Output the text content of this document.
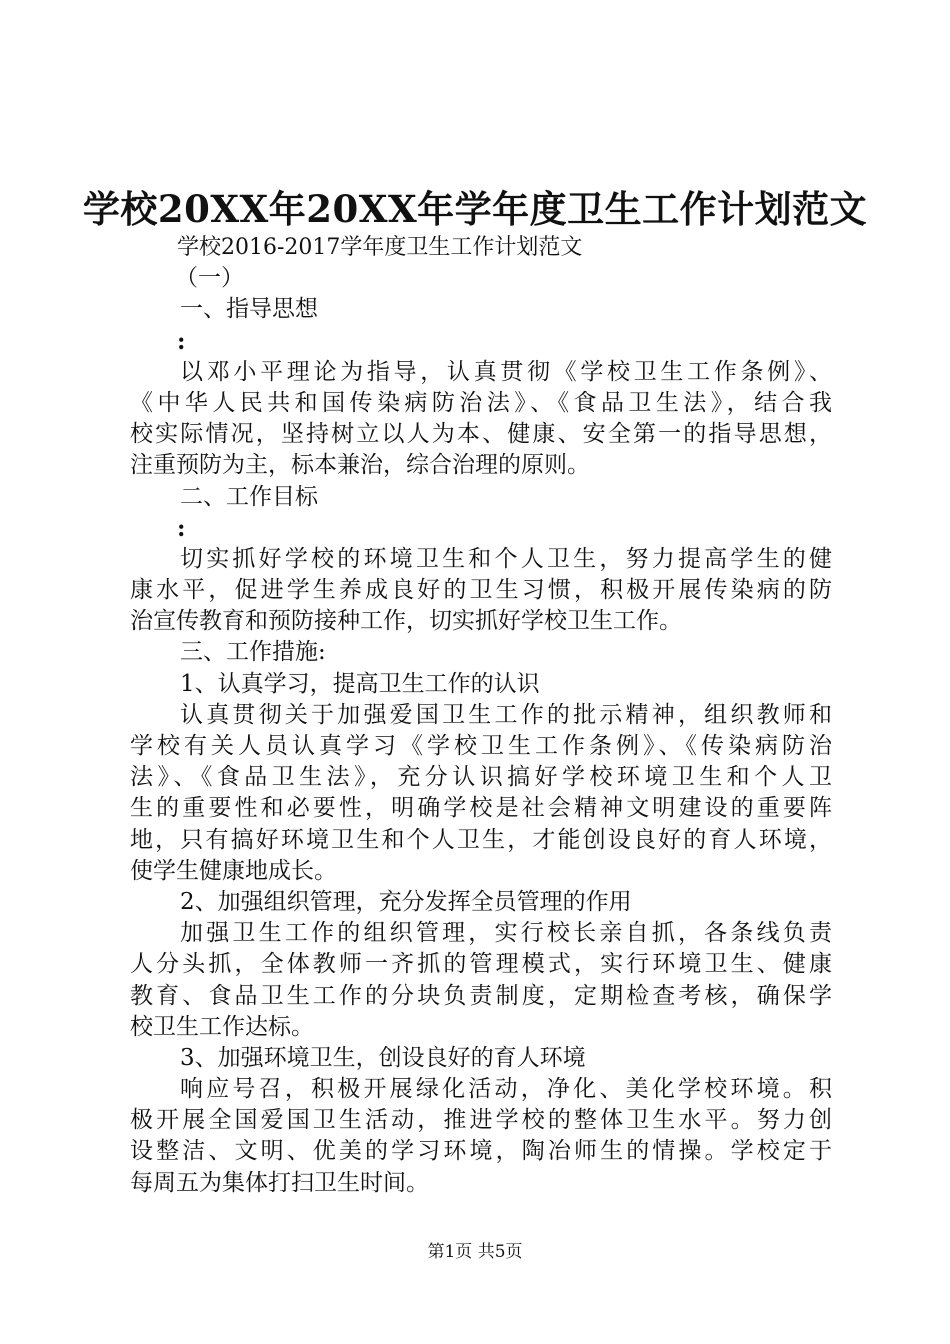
学校20XX年20XX年学年度卫生工作计划范文
学校2016-2017学年度卫生工作计划范文
（一）
一、指导思想
:
以邓小平理论为指导，认真贯彻《学校卫生工作条例》、
《中华人民共和国传染病防治法》、《食品卫生法》，结合我
校实际情况，坚持树立以人为本、健康、安全第一的指导思想，
注重预防为主，标本兼治，综合治理的原则。
二、工作目标
:
切实抓好学校的环境卫生和个人卫生，努力提高学生的健
康水平，促进学生养成良好的卫生习惯，积极开展传染病的防
治宣传教育和预防接种工作，切实抓好学校卫生工作。
三、工作措施:
1、认真学习，提高卫生工作的认识
认真贯彻关于加强爱国卫生工作的批示精神，组织教师和
学校有关人员认真学习《学校卫生工作条例》、《传染病防治
法》、《食品卫生法》，充分认识搞好学校环境卫生和个人卫
生的重要性和必要性，明确学校是社会精神文明建设的重要阵
地，只有搞好环境卫生和个人卫生，才能创设良好的育人环境，
使学生健康地成长。
2、加强组织管理，充分发挥全员管理的作用
加强卫生工作的组织管理，实行校长亲自抓，各条线负责
人分头抓，全体教师一齐抓的管理模式，实行环境卫生、健康
教育、食品卫生工作的分块负责制度，定期检查考核，确保学
校卫生工作达标。
3、加强环境卫生，创设良好的育人环境
响应号召，积极开展绿化活动，净化、美化学校环境。积
极开展全国爱国卫生活动，推进学校的整体卫生水平。努力创
设整洁、文明、优美的学习环境，陶冶师生的情操。学校定于
每周五为集体打扫卫生时间。
第1页 共5页
